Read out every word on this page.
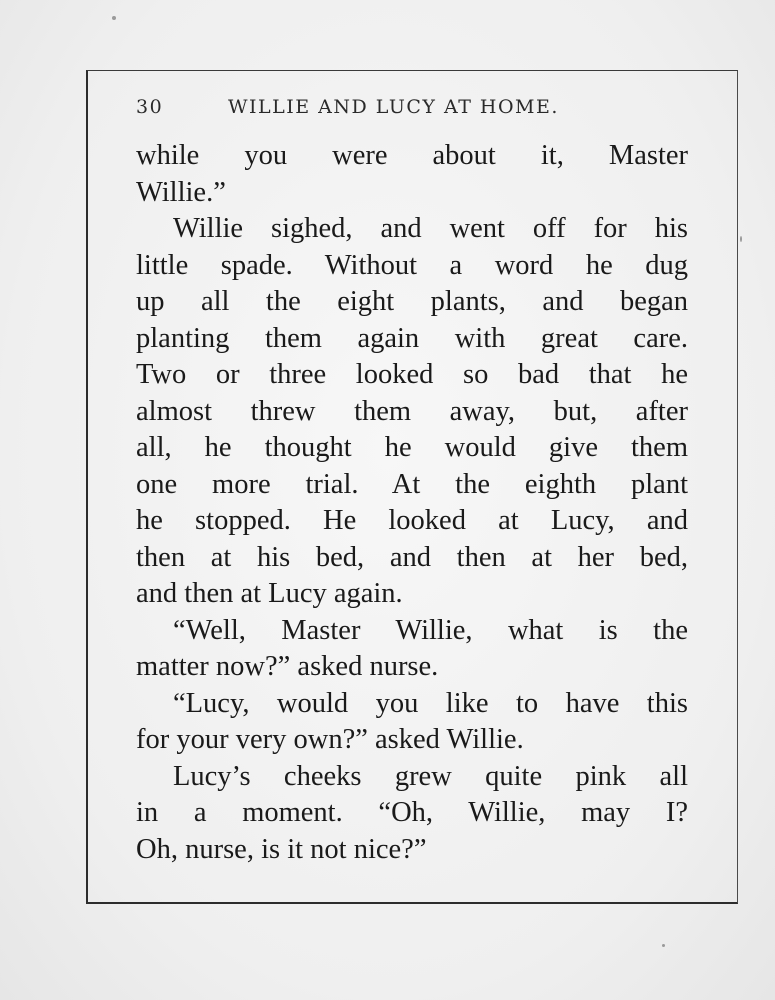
30	WILLIE AND LUCY AT HOME.
while you were about it, Master
Willie.”
Willie sighed, and went off for his
little spade. Without a word he dug
up all the eight plants, and began
planting them again with great care.
Two or three looked so bad that he
almost threw them away, but, after
all, he thought he would give them
one more trial. At the eighth plant
he stopped. He looked at Lucy, and
then at his bed, and then at her bed,
and then at Lucy again.
“Well, Master Willie, what is the
matter now?” asked nurse.
“Lucy, would you like to have this
for your very own?” asked Willie.
Lucy’s cheeks grew quite pink all
in a moment. “Oh, Willie, may I?
Oh, nurse, is it not nice?”
